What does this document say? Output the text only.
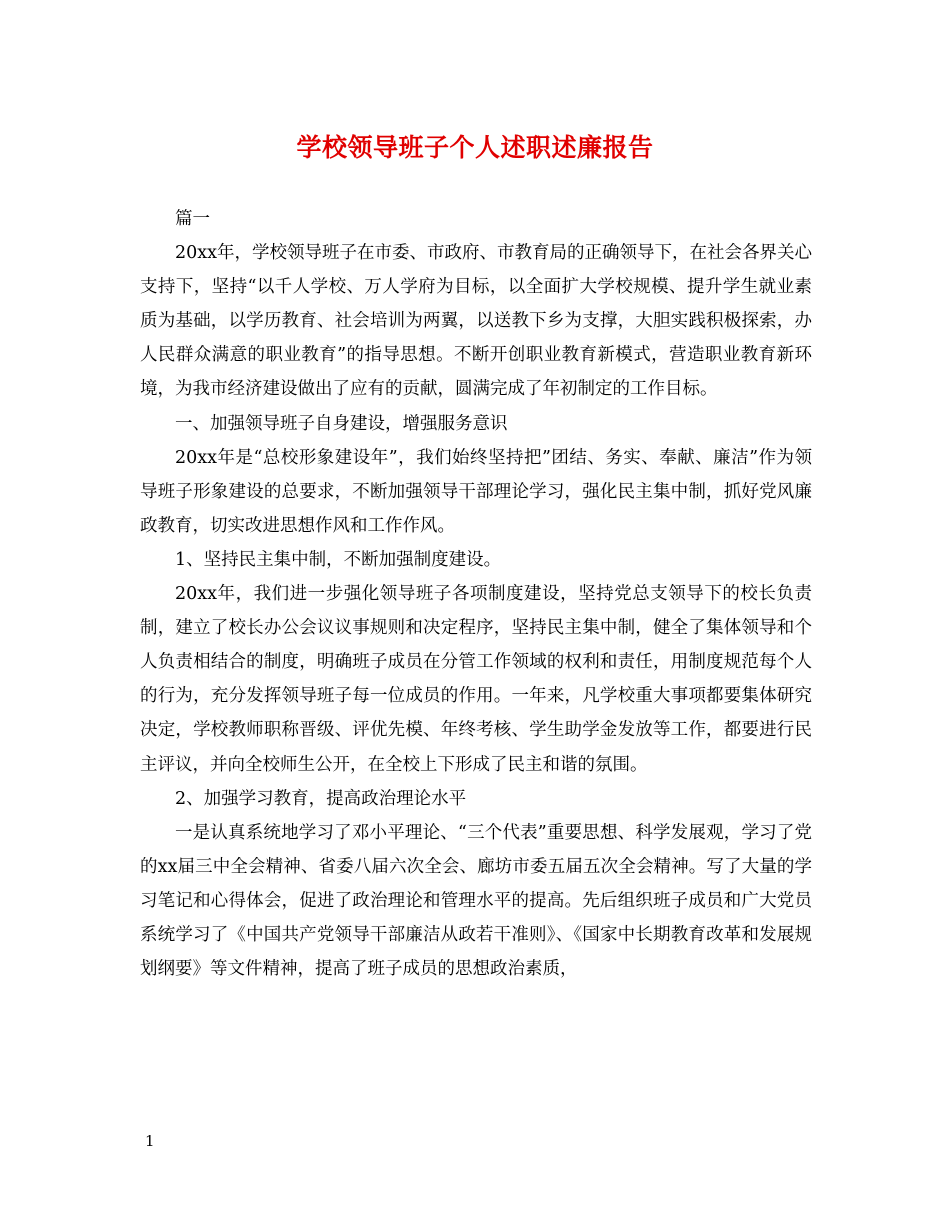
学校领导班子个人述职述廉报告

篇一

20xx年，学校领导班子在市委、市政府、市教育局的正确领导下，在社会各界关心支持下，坚持“以千人学校、万人学府为目标，以全面扩大学校规模、提升学生就业素质为基础，以学历教育、社会培训为两翼，以送教下乡为支撑，大胆实践积极探索，办人民群众满意的职业教育”的指导思想。不断开创职业教育新模式，营造职业教育新环境，为我市经济建设做出了应有的贡献，圆满完成了年初制定的工作目标。

一、加强领导班子自身建设，增强服务意识

20xx年是“总校形象建设年”，我们始终坚持把”团结、务实、奉献、廉洁”作为领导班子形象建设的总要求，不断加强领导干部理论学习，强化民主集中制，抓好党风廉政教育，切实改进思想作风和工作作风。

1、坚持民主集中制，不断加强制度建设。

20xx年，我们进一步强化领导班子各项制度建设，坚持党总支领导下的校长负责制，建立了校长办公会议议事规则和决定程序，坚持民主集中制，健全了集体领导和个人负责相结合的制度，明确班子成员在分管工作领域的权利和责任，用制度规范每个人的行为，充分发挥领导班子每一位成员的作用。一年来，凡学校重大事项都要集体研究决定，学校教师职称晋级、评优先模、年终考核、学生助学金发放等工作，都要进行民主评议，并向全校师生公开，在全校上下形成了民主和谐的氛围。

2、加强学习教育，提高政治理论水平

一是认真系统地学习了邓小平理论、“三个代表”重要思想、科学发展观，学习了党的xx届三中全会精神、省委八届六次全会、廊坊市委五届五次全会精神。写了大量的学习笔记和心得体会，促进了政治理论和管理水平的提高。先后组织班子成员和广大党员系统学习了《中国共产党领导干部廉洁从政若干准则》、《国家中长期教育改革和发展规划纲要》等文件精神，提高了班子成员的思想政治素质，

1
